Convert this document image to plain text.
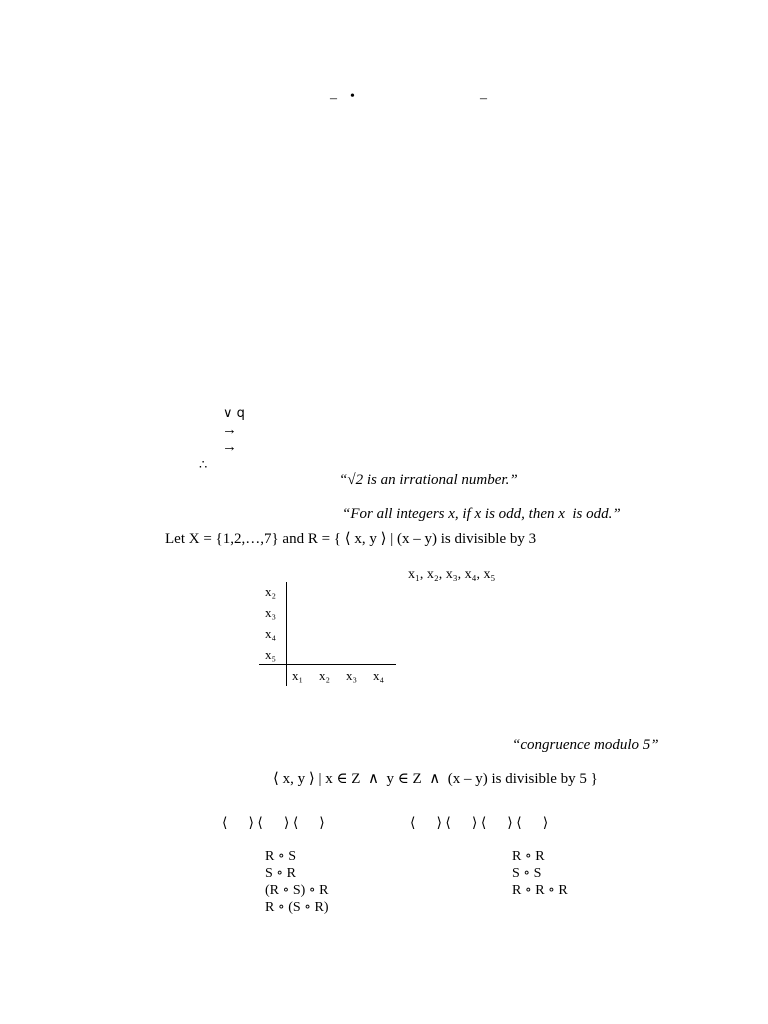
– •	–
∨ q
→
→
∴
“√2 is an irrational number.”
“For all integers x, if x is odd, then x  is odd.”
Let X = {1,2,…,7} and R = { ⟨ x, y ⟩ | (x – y) is divisible by 3
x₁, x₂, x₃, x₄, x₅
x₂
x₃
x₄
x₅
x₁ x₂ x₃ x₄
“congruence modulo 5”
⟨ x, y ⟩ | x ∈ Z  ∧  y ∈ Z  ∧  (x – y) is divisible by 5 }
⟨      ⟩ ⟨      ⟩ ⟨      ⟩	⟨      ⟩ ⟨      ⟩ ⟨      ⟩ ⟨      ⟩
R ∘ S
S ∘ R
(R ∘ S) ∘ R
R ∘ (S ∘ R)
R ∘ R
S ∘ S
R ∘ R ∘ R
